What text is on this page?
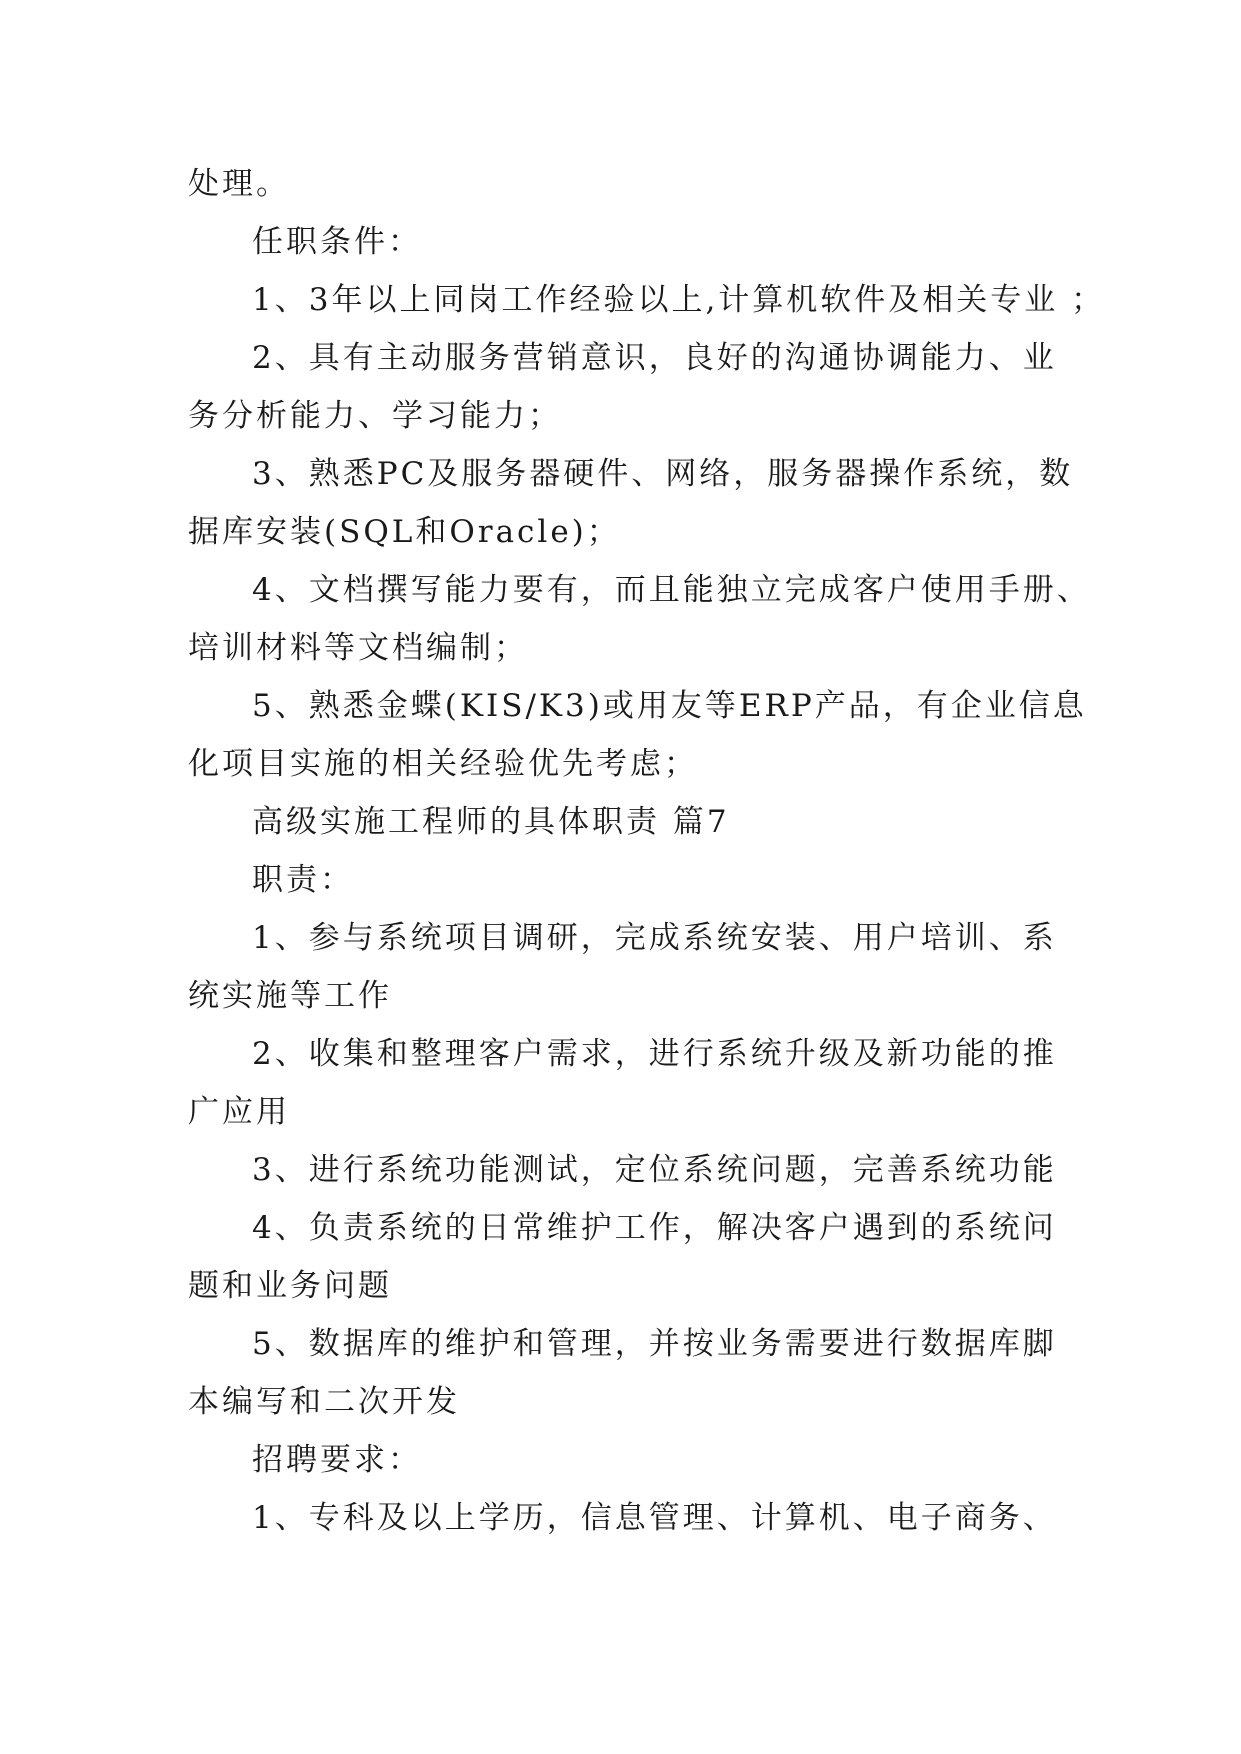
处理。
任职条件：
1、3年以上同岗工作经验以上,计算机软件及相关专业 ；
2、具有主动服务营销意识，良好的沟通协调能力、业
务分析能力、学习能力；
3、熟悉PC及服务器硬件、网络，服务器操作系统，数
据库安装(SQL和Oracle)；
4、文档撰写能力要有，而且能独立完成客户使用手册、
培训材料等文档编制；
5、熟悉金蝶(KIS/K3)或用友等ERP产品，有企业信息
化项目实施的相关经验优先考虑；
高级实施工程师的具体职责 篇7
职责：
1、参与系统项目调研，完成系统安装、用户培训、系
统实施等工作
2、收集和整理客户需求，进行系统升级及新功能的推
广应用
3、进行系统功能测试，定位系统问题，完善系统功能
4、负责系统的日常维护工作，解决客户遇到的系统问
题和业务问题
5、数据库的维护和管理，并按业务需要进行数据库脚
本编写和二次开发
招聘要求：
1、专科及以上学历，信息管理、计算机、电子商务、
